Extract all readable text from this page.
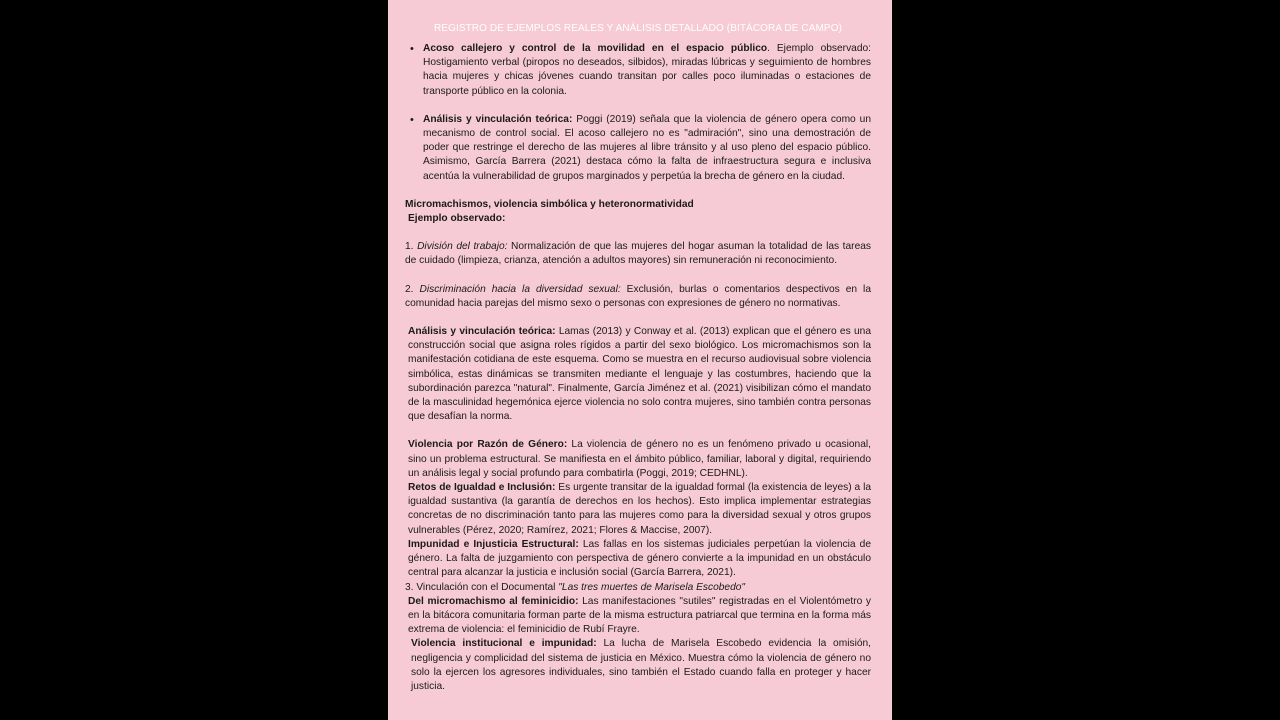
REGISTRO DE EJEMPLOS REALES Y ANÁLISIS DETALLADO (BITÁCORA DE CAMPO)
• Acoso callejero y control de la movilidad en el espacio público. Ejemplo observado: Hostigamiento verbal (piropos no deseados, silbidos), miradas lúbricas y seguimiento de hombres hacia mujeres y chicas jóvenes cuando transitan por calles poco iluminadas o estaciones de transporte público en la colonia.
• Análisis y vinculación teórica: Poggi (2019) señala que la violencia de género opera como un mecanismo de control social. El acoso callejero no es "admiración", sino una demostración de poder que restringe el derecho de las mujeres al libre tránsito y al uso pleno del espacio público. Asimismo, García Barrera (2021) destaca cómo la falta de infraestructura segura e inclusiva acentúa la vulnerabilidad de grupos marginados y perpetúa la brecha de género en la ciudad.

Micromachismos, violencia simbólica y heteronormatividad

Ejemplo observado:

1. División del trabajo: Normalización de que las mujeres del hogar asuman la totalidad de las tareas de cuidado (limpieza, crianza, atención a adultos mayores) sin remuneración ni reconocimiento.

2. Discriminación hacia la diversidad sexual: Exclusión, burlas o comentarios despectivos en la comunidad hacia parejas del mismo sexo o personas con expresiones de género no normativas.

Análisis y vinculación teórica: Lamas (2013) y Conway et al. (2013) explican que el género es una construcción social que asigna roles rígidos a partir del sexo biológico. Los micromachismos son la manifestación cotidiana de este esquema. Como se muestra en el recurso audiovisual sobre violencia simbólica, estas dinámicas se transmiten mediante el lenguaje y las costumbres, haciendo que la subordinación parezca "natural". Finalmente, García Jiménez et al. (2021) visibilizan cómo el mandato de la masculinidad hegemónica ejerce violencia no solo contra mujeres, sino también contra personas que desafían la norma.

Violencia por Razón de Género: La violencia de género no es un fenómeno privado u ocasional, sino un problema estructural. Se manifiesta en el ámbito público, familiar, laboral y digital, requiriendo un análisis legal y social profundo para combatirla (Poggi, 2019; CEDHNL).

Retos de Igualdad e Inclusión: Es urgente transitar de la igualdad formal (la existencia de leyes) a la igualdad sustantiva (la garantía de derechos en los hechos). Esto implica implementar estrategias concretas de no discriminación tanto para las mujeres como para la diversidad sexual y otros grupos vulnerables (Pérez, 2020; Ramírez, 2021; Flores & Maccise, 2007).

Impunidad e Injusticia Estructural: Las fallas en los sistemas judiciales perpetúan la violencia de género. La falta de juzgamiento con perspectiva de género convierte a la impunidad en un obstáculo central para alcanzar la justicia e inclusión social (García Barrera, 2021).

3. Vinculación con el Documental "Las tres muertes de Marisela Escobedo"

Del micromachismo al feminicidio: Las manifestaciones "sutiles" registradas en el Violentómetro y en la bitácora comunitaria forman parte de la misma estructura patriarcal que termina en la forma más extrema de violencia: el feminicidio de Rubí Frayre.

Violencia institucional e impunidad: La lucha de Marisela Escobedo evidencia la omisión, negligencia y complicidad del sistema de justicia en México. Muestra cómo la violencia de género no solo la ejercen los agresores individuales, sino también el Estado cuando falla en proteger y hacer justicia.
